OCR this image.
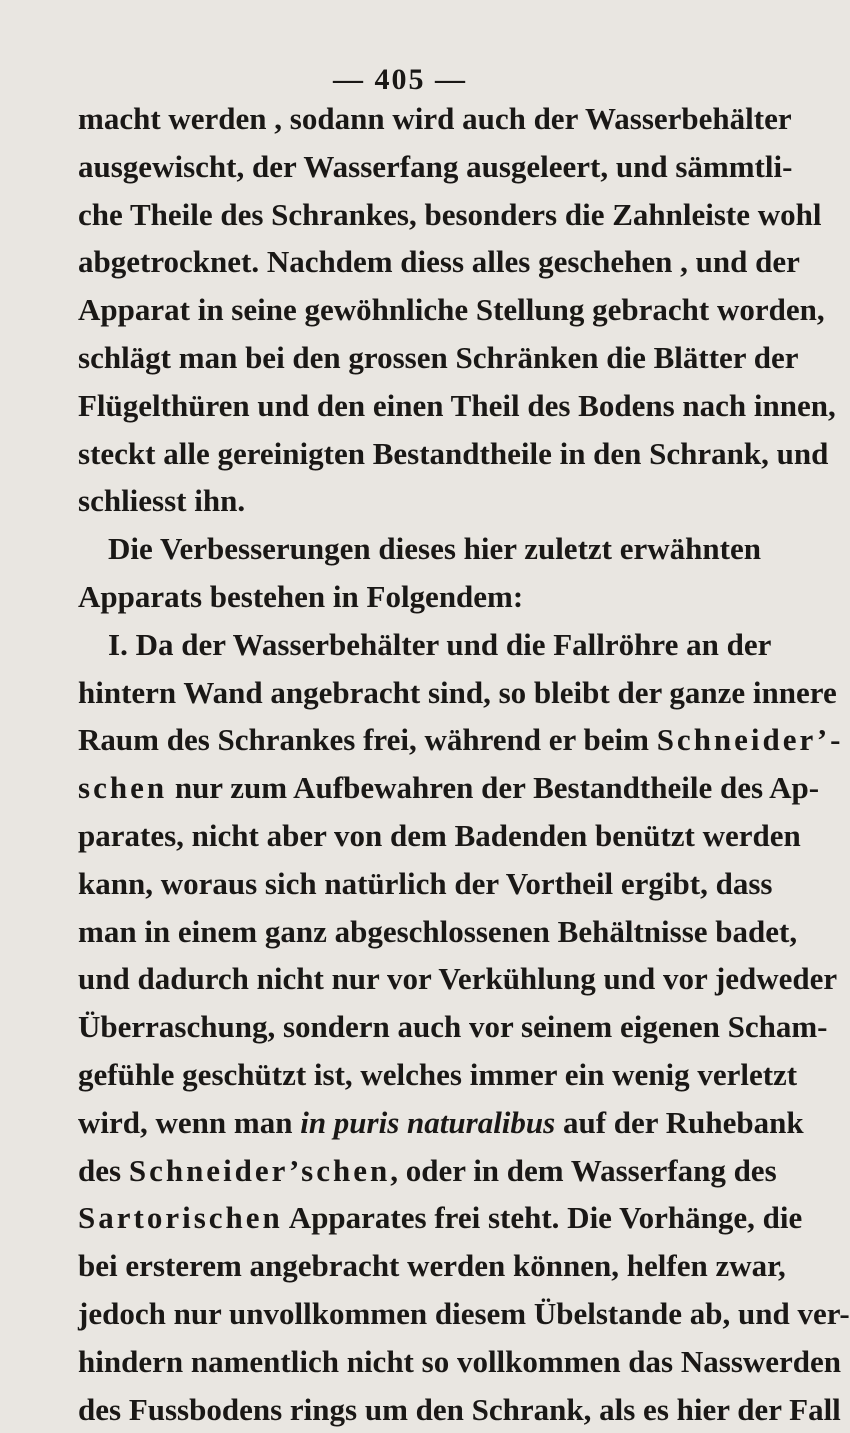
— 405 —
macht werden , sodann wird auch der Wasserbehälter
ausgewischt, der Wasserfang ausgeleert, und sämmtli-
che Theile des Schrankes, besonders die Zahnleiste wohl
abgetrocknet. Nachdem diess alles geschehen , und der
Apparat in seine gewöhnliche Stellung gebracht worden,
schlägt man bei den grossen Schränken die Blätter der
Flügelthüren und den einen Theil des Bodens nach innen,
steckt alle gereinigten Bestandtheile in den Schrank, und
schliesst ihn.
Die Verbesserungen dieses hier zuletzt erwähnten
Apparats bestehen in Folgendem:
I. Da der Wasserbehälter und die Fallröhre an der
hintern Wand angebracht sind, so bleibt der ganze innere
Raum des Schrankes frei, während er beim Schneider’-
schen nur zum Aufbewahren der Bestandtheile des Ap-
parates, nicht aber von dem Badenden benützt werden
kann, woraus sich natürlich der Vortheil ergibt, dass
man in einem ganz abgeschlossenen Behältnisse badet,
und dadurch nicht nur vor Verkühlung und vor jedweder
Überraschung, sondern auch vor seinem eigenen Scham-
gefühle geschützt ist, welches immer ein wenig verletzt
wird, wenn man in puris naturalibus auf der Ruhebank
des Schneider’schen, oder in dem Wasserfang des
Sartorischen Apparates frei steht. Die Vorhänge, die
bei ersterem angebracht werden können, helfen zwar,
jedoch nur unvollkommen diesem Übelstande ab, und ver-
hindern namentlich nicht so vollkommen das Nasswerden
des Fussbodens rings um den Schrank, als es hier der Fall
